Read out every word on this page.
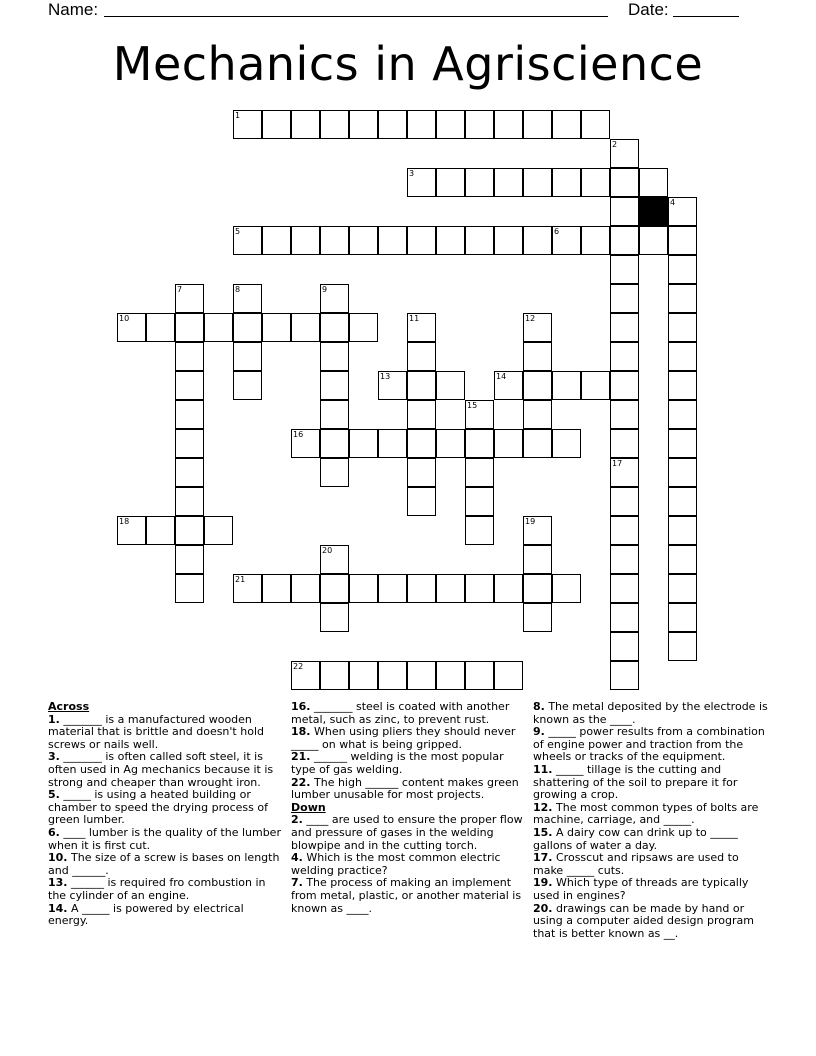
Name:	Date:
Mechanics in Agriscience
1
3
5	6
10
13	14
16
18
21
22
2
4
7	8	9
11	12
15
17
19
20
Across
1. _______ is a manufactured wooden material that is brittle and doesn't hold screws or nails well.
3. _______ is often called soft steel, it is often used in Ag mechanics because it is strong and cheaper than wrought iron.
5. _____ is using a heated building or chamber to speed the drying process of green lumber.
6. ____ lumber is the quality of the lumber when it is first cut.
10. The size of a screw is bases on length and ______.
13. ______ is required fro combustion in the cylinder of an engine.
14. A _____ is powered by electrical energy.
16. _______ steel is coated with another metal, such as zinc, to prevent rust.
18. When using pliers they should never _____ on what is being gripped.
21. ______ welding is the most popular type of gas welding.
22. The high ______ content makes green lumber unusable for most projects.
Down
2. ____ are used to ensure the proper flow and pressure of gases in the welding blowpipe and in the cutting torch.
4. Which is the most common electric welding practice?
7. The process of making an implement from metal, plastic, or another material is known as ____.
8. The metal deposited by the electrode is known as the ____.
9. _____ power results from a combination of engine power and traction from the wheels or tracks of the equipment.
11. _____ tillage is the cutting and shattering of the soil to prepare it for growing a crop.
12. The most common types of bolts are machine, carriage, and _____.
15. A dairy cow can drink up to _____ gallons of water a day.
17. Crosscut and ripsaws are used to make _____ cuts.
19. Which type of threads are typically used in engines?
20. drawings can be made by hand or using a computer aided design program that is better known as __.
